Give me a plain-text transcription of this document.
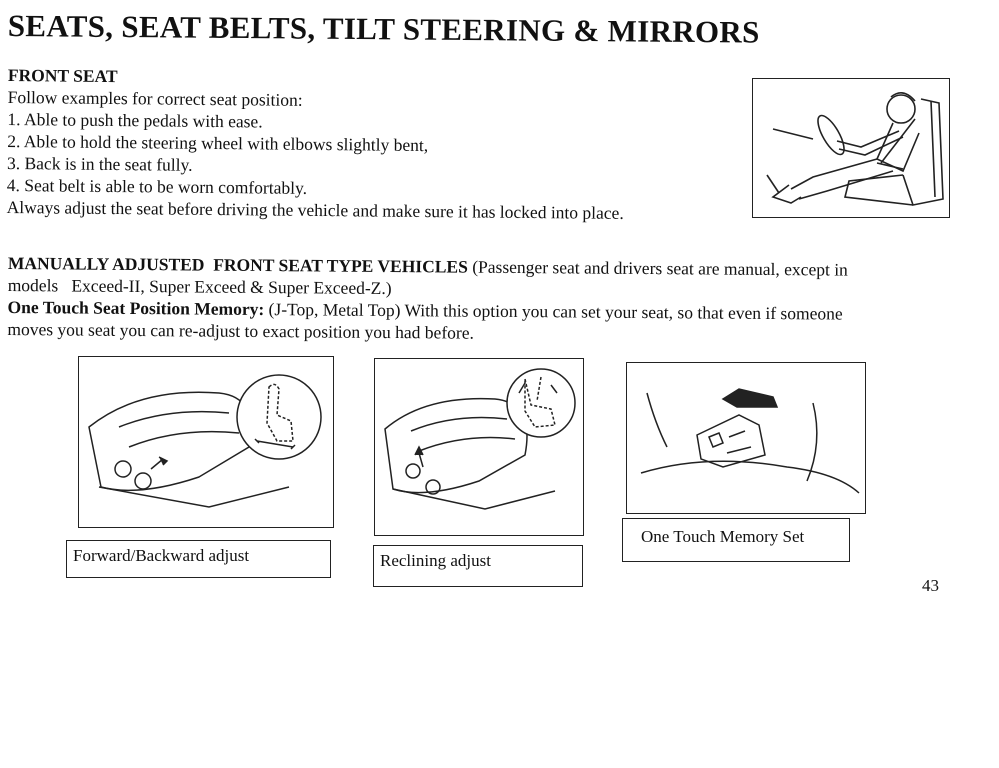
SEATS, SEAT BELTS, TILT STEERING & MIRRORS
FRONT SEAT
Follow examples for correct seat position:
1. Able to push the pedals with ease.
2. Able to hold the steering wheel with elbows slightly bent,
3. Back is in the seat fully.
4. Seat belt is able to be worn comfortably.
Always adjust the seat before driving the vehicle and make sure it has locked into place.
MANUALLY ADJUSTED  FRONT SEAT TYPE VEHICLES (Passenger seat and drivers seat are manual, except in
models   Exceed-II, Super Exceed & Super Exceed-Z.)
One Touch Seat Position Memory: (J-Top, Metal Top) With this option you can set your seat, so that even if someone
moves you seat you can re-adjust to exact position you had before.
Forward/Backward adjust	Reclining adjust
One Touch Memory Set
43
